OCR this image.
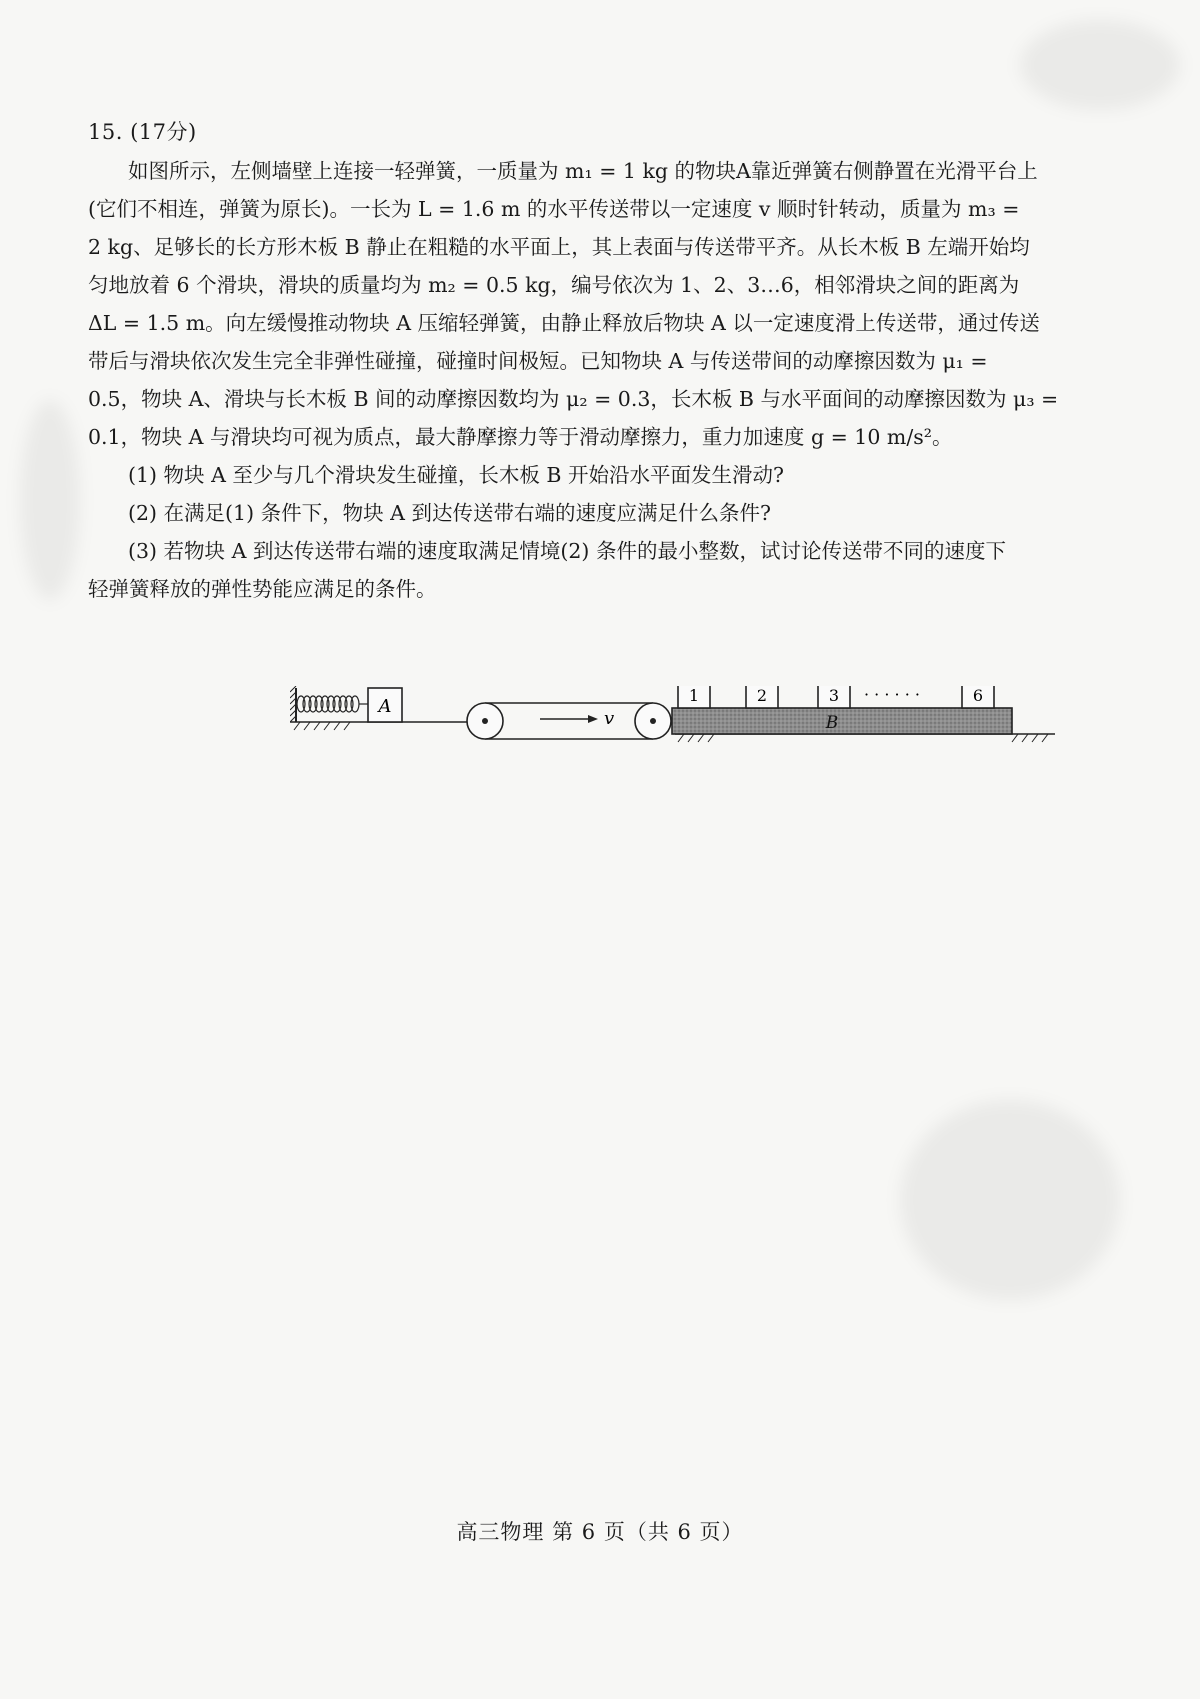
15. (17分)

如图所示，左侧墙壁上连接一轻弹簧，一质量为 m₁ = 1 kg 的物块A靠近弹簧右侧静置在光滑平台上
(它们不相连，弹簧为原长)。一长为 L = 1.6 m 的水平传送带以一定速度 v 顺时针转动，质量为 m₃ =
2 kg、足够长的长方形木板 B 静止在粗糙的水平面上，其上表面与传送带平齐。从长木板 B 左端开始均
匀地放着 6 个滑块，滑块的质量均为 m₂ = 0.5 kg，编号依次为 1、2、3…6，相邻滑块之间的距离为
ΔL = 1.5 m。向左缓慢推动物块 A 压缩轻弹簧，由静止释放后物块 A 以一定速度滑上传送带，通过传送
带后与滑块依次发生完全非弹性碰撞，碰撞时间极短。已知物块 A 与传送带间的动摩擦因数为 μ₁ =
0.5，物块 A、滑块与长木板 B 间的动摩擦因数均为 μ₂ = 0.3，长木板 B 与水平面间的动摩擦因数为 μ₃ =
0.1，物块 A 与滑块均可视为质点，最大静摩擦力等于滑动摩擦力，重力加速度 g = 10 m/s²。

(1) 物块 A 至少与几个滑块发生碰撞，长木板 B 开始沿水平面发生滑动?

(2) 在满足(1) 条件下，物块 A 到达传送带右端的速度应满足什么条件?

(3) 若物块 A 到达传送带右端的速度取满足情境(2) 条件的最小整数，试讨论传送带不同的速度下
轻弹簧释放的弹性势能应满足的条件。

A
v	B
1	2	3 · · · · · ·	6
高三物理 第 6 页（共 6 页）
